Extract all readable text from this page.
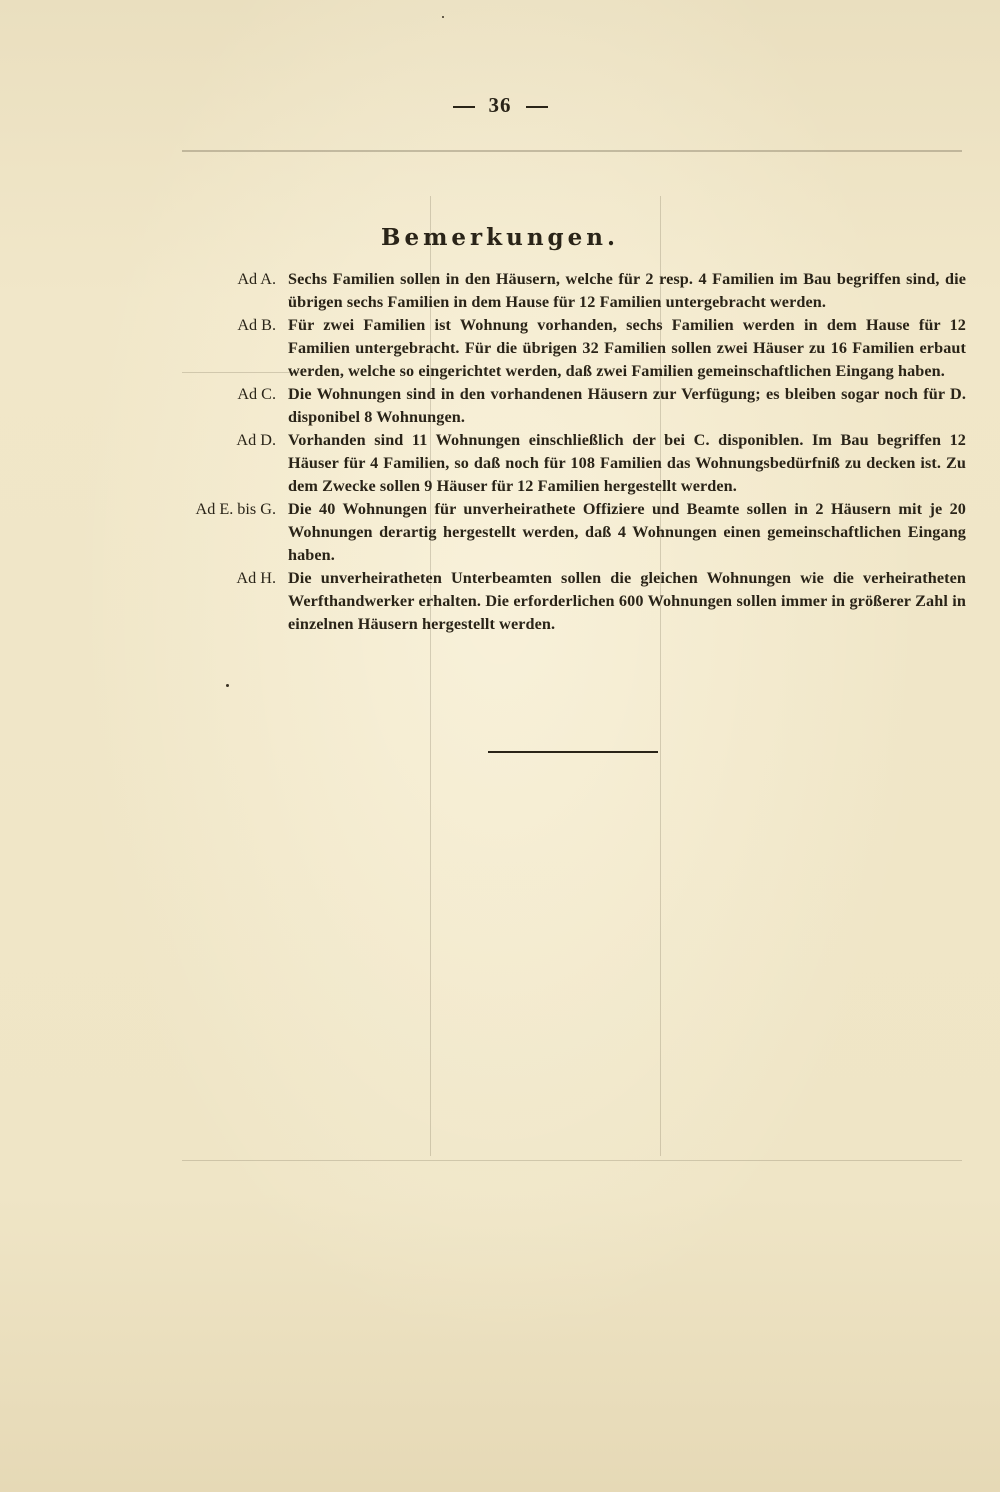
36
Bemerkungen.
Ad A. Sechs Familien sollen in den Häusern, welche für 2 resp. 4 Familien im Bau begriffen sind, die übrigen sechs Familien in dem Hause für 12 Familien untergebracht werden.
Ad B. Für zwei Familien ist Wohnung vorhanden, sechs Familien werden in dem Hause für 12 Familien untergebracht. Für die übrigen 32 Familien sollen zwei Häuser zu 16 Familien erbaut werden, welche so eingerichtet werden, daß zwei Familien gemeinschaftlichen Eingang haben.
Ad C. Die Wohnungen sind in den vorhandenen Häusern zur Verfügung; es bleiben sogar noch für D. disponibel 8 Wohnungen.
Ad D. Vorhanden sind 11 Wohnungen einschließlich der bei C. disponiblen. Im Bau begriffen 12 Häuser für 4 Familien, so daß noch für 108 Familien das Wohnungsbedürfniß zu decken ist. Zu dem Zwecke sollen 9 Häuser für 12 Familien hergestellt werden.
Ad E. bis G. Die 40 Wohnungen für unverheirathete Offiziere und Beamte sollen in 2 Häusern mit je 20 Wohnungen derartig hergestellt werden, daß 4 Wohnungen einen gemeinschaftlichen Eingang haben.
Ad H. Die unverheiratheten Unterbeamten sollen die gleichen Wohnungen wie die verheiratheten Werfthandwerker erhalten. Die erforderlichen 600 Wohnungen sollen immer in größerer Zahl in einzelnen Häusern hergestellt werden.
